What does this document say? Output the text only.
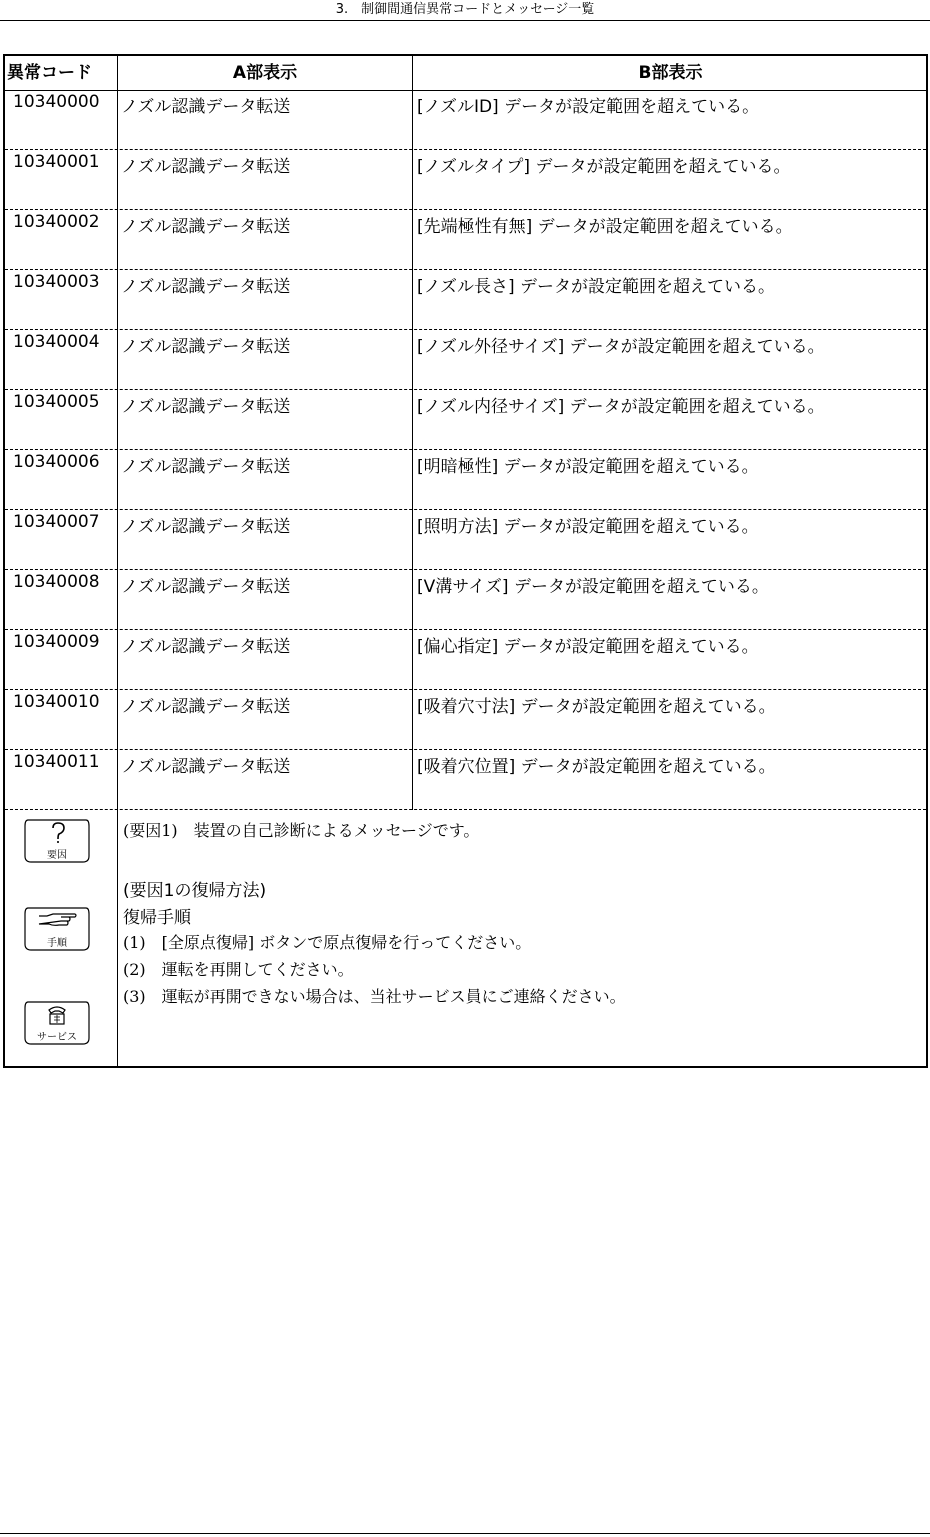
3.　制御間通信異常コードとメッセージ一覧
異常コード	A部表示	B部表示
10340000 ノズル認識データ転送	[ノズルID] データが設定範囲を超えている。
10340001 ノズル認識データ転送	[ノズルタイプ] データが設定範囲を超えている。
10340002 ノズル認識データ転送	[先端極性有無] データが設定範囲を超えている。
10340003 ノズル認識データ転送	[ノズル長さ] データが設定範囲を超えている。
10340004 ノズル認識データ転送	[ノズル外径サイズ] データが設定範囲を超えている。
10340005 ノズル認識データ転送	[ノズル内径サイズ] データが設定範囲を超えている。
10340006 ノズル認識データ転送	[明暗極性] データが設定範囲を超えている。
10340007 ノズル認識データ転送	[照明方法] データが設定範囲を超えている。
10340008 ノズル認識データ転送	[V溝サイズ] データが設定範囲を超えている。
10340009 ノズル認識データ転送	[偏心指定] データが設定範囲を超えている。
10340010 ノズル認識データ転送	[吸着穴寸法] データが設定範囲を超えている。
10340011 ノズル認識データ転送	[吸着穴位置] データが設定範囲を超えている。
要因
手順
サービス
(要因1)　装置の自己診断によるメッセージです。
(要因1の復帰方法)
復帰手順
(1)　[全原点復帰] ボタンで原点復帰を行ってください。
(2)　運転を再開してください。
(3)　運転が再開できない場合は、当社サービス員にご連絡ください。
